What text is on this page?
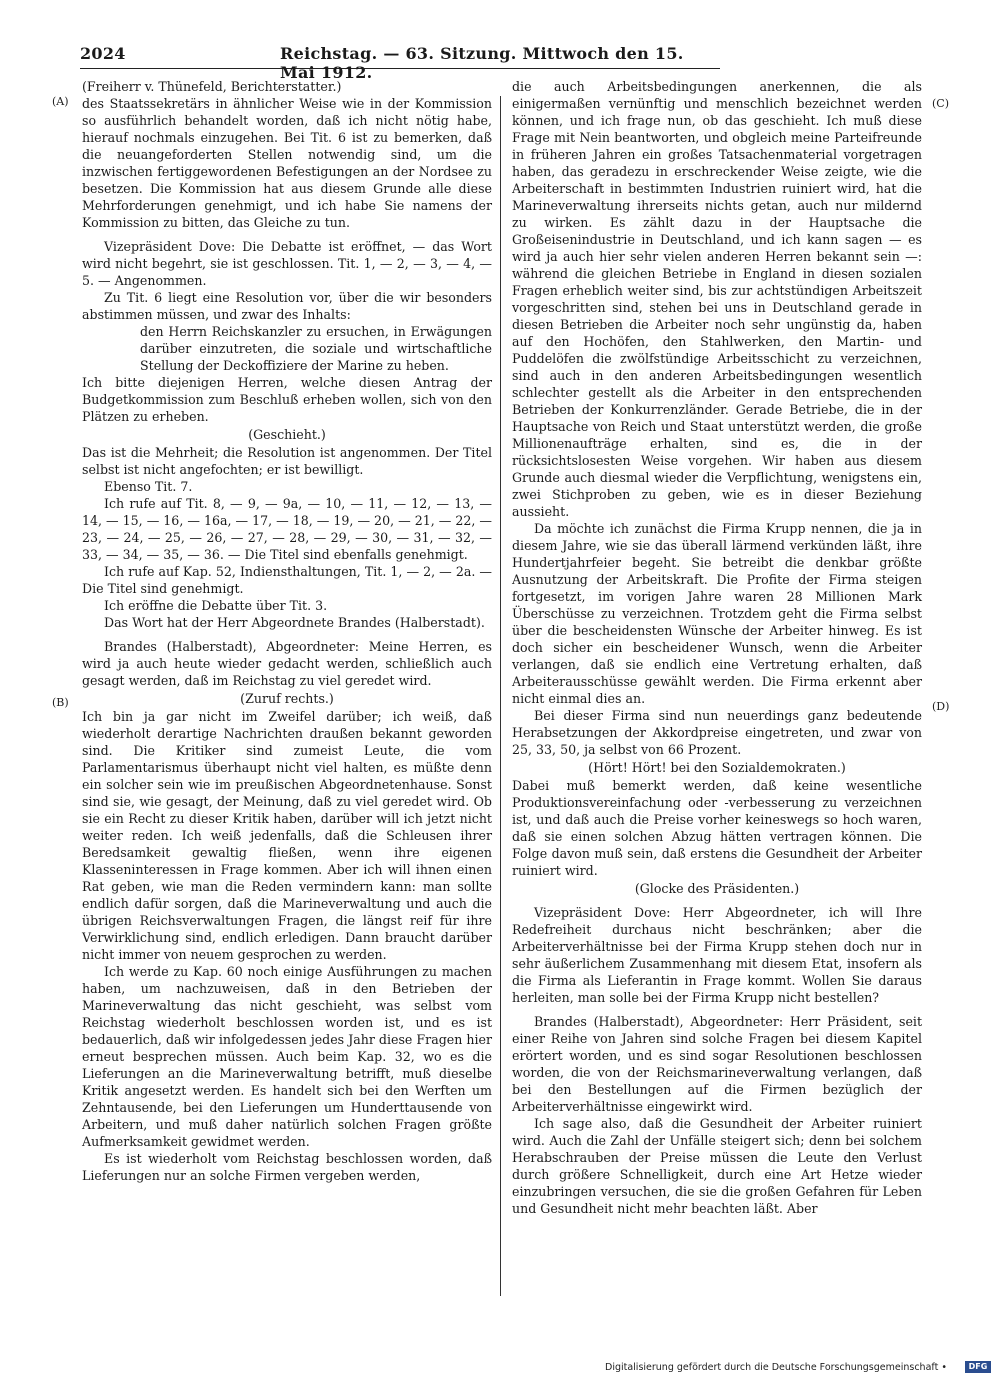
2024	Reichstag. — 63. Sitzung. Mittwoch den 15. Mai 1912.
(A)
(B)
(C)
(D)

(Freiherr v. Thünefeld, Berichterstatter.)

des Staatssekretärs in ähnlicher Weise wie in der Kommission so ausführlich behandelt worden, daß ich nicht nötig habe, hierauf nochmals einzugehen. Bei Tit. 6 ist zu bemerken, daß die neuangeforderten Stellen notwendig sind, um die inzwischen fertiggewordenen Befestigungen an der Nordsee zu besetzen. Die Kommission hat aus diesem Grunde alle diese Mehrforderungen genehmigt, und ich habe Sie namens der Kommission zu bitten, das Gleiche zu tun.

Vizepräsident Dove: Die Debatte ist eröffnet, — das Wort wird nicht begehrt, sie ist geschlossen. Tit. 1, — 2, — 3, — 4, — 5. — Angenommen.

Zu Tit. 6 liegt eine Resolution vor, über die wir besonders abstimmen müssen, und zwar des Inhalts:

den Herrn Reichskanzler zu ersuchen, in Erwägungen darüber einzutreten, die soziale und wirtschaftliche Stellung der Deckoffiziere der Marine zu heben.

Ich bitte diejenigen Herren, welche diesen Antrag der Budgetkommission zum Beschluß erheben wollen, sich von den Plätzen zu erheben.

(Geschieht.)

Das ist die Mehrheit; die Resolution ist angenommen. Der Titel selbst ist nicht angefochten; er ist bewilligt.

Ebenso Tit. 7.

Ich rufe auf Tit. 8, — 9, — 9a, — 10, — 11, — 12, — 13, — 14, — 15, — 16, — 16a, — 17, — 18, — 19, — 20, — 21, — 22, — 23, — 24, — 25, — 26, — 27, — 28, — 29, — 30, — 31, — 32, — 33, — 34, — 35, — 36. — Die Titel sind ebenfalls genehmigt.

Ich rufe auf Kap. 52, Indiensthaltungen, Tit. 1, — 2, — 2a. — Die Titel sind genehmigt.

Ich eröffne die Debatte über Tit. 3.

Das Wort hat der Herr Abgeordnete Brandes (Halberstadt).

Brandes (Halberstadt), Abgeordneter: Meine Herren, es wird ja auch heute wieder gedacht werden, schließlich auch gesagt werden, daß im Reichstag zu viel geredet wird.

(Zuruf rechts.)

Ich bin ja gar nicht im Zweifel darüber; ich weiß, daß wiederholt derartige Nachrichten draußen bekannt geworden sind. Die Kritiker sind zumeist Leute, die vom Parlamentarismus überhaupt nicht viel halten, es müßte denn ein solcher sein wie im preußischen Abgeordnetenhause. Sonst sind sie, wie gesagt, der Meinung, daß zu viel geredet wird. Ob sie ein Recht zu dieser Kritik haben, darüber will ich jetzt nicht weiter reden. Ich weiß jedenfalls, daß die Schleusen ihrer Beredsamkeit gewaltig fließen, wenn ihre eigenen Klasseninteressen in Frage kommen. Aber ich will ihnen einen Rat geben, wie man die Reden vermindern kann: man sollte endlich dafür sorgen, daß die Marineverwaltung und auch die übrigen Reichsverwaltungen Fragen, die längst reif für ihre Verwirklichung sind, endlich erledigen. Dann braucht darüber nicht immer von neuem gesprochen zu werden.

Ich werde zu Kap. 60 noch einige Ausführungen zu machen haben, um nachzuweisen, daß in den Betrieben der Marineverwaltung das nicht geschieht, was selbst vom Reichstag wiederholt beschlossen worden ist, und es ist bedauerlich, daß wir infolgedessen jedes Jahr diese Fragen hier erneut besprechen müssen. Auch beim Kap. 32, wo es die Lieferungen an die Marineverwaltung betrifft, muß dieselbe Kritik angesetzt werden. Es handelt sich bei den Werften um Zehntausende, bei den Lieferungen um Hunderttausende von Arbeitern, und muß daher natürlich solchen Fragen größte Aufmerksamkeit gewidmet werden.

Es ist wiederholt vom Reichstag beschlossen worden, daß Lieferungen nur an solche Firmen vergeben werden,

die auch Arbeitsbedingungen anerkennen, die als einigermaßen vernünftig und menschlich bezeichnet werden können, und ich frage nun, ob das geschieht. Ich muß diese Frage mit Nein beantworten, und obgleich meine Parteifreunde in früheren Jahren ein großes Tatsachenmaterial vorgetragen haben, das geradezu in erschreckender Weise zeigte, wie die Arbeiterschaft in bestimmten Industrien ruiniert wird, hat die Marineverwaltung ihrerseits nichts getan, auch nur mildernd zu wirken. Es zählt dazu in der Hauptsache die Großeisenindustrie in Deutschland, und ich kann sagen — es wird ja auch hier sehr vielen anderen Herren bekannt sein —: während die gleichen Betriebe in England in diesen sozialen Fragen erheblich weiter sind, bis zur achtstündigen Arbeitszeit vorgeschritten sind, stehen bei uns in Deutschland gerade in diesen Betrieben die Arbeiter noch sehr ungünstig da, haben auf den Hochöfen, den Stahlwerken, den Martin- und Puddelöfen die zwölfstündige Arbeitsschicht zu verzeichnen, sind auch in den anderen Arbeitsbedingungen wesentlich schlechter gestellt als die Arbeiter in den entsprechenden Betrieben der Konkurrenzländer. Gerade Betriebe, die in der Hauptsache von Reich und Staat unterstützt werden, die große Millionenaufträge erhalten, sind es, die in der rücksichtslosesten Weise vorgehen. Wir haben aus diesem Grunde auch diesmal wieder die Verpflichtung, wenigstens ein, zwei Stichproben zu geben, wie es in dieser Beziehung aussieht.

Da möchte ich zunächst die Firma Krupp nennen, die ja in diesem Jahre, wie sie das überall lärmend verkünden läßt, ihre Hundertjahrfeier begeht. Sie betreibt die denkbar größte Ausnutzung der Arbeitskraft. Die Profite der Firma steigen fortgesetzt, im vorigen Jahre waren 28 Millionen Mark Überschüsse zu verzeichnen. Trotzdem geht die Firma selbst über die bescheidensten Wünsche der Arbeiter hinweg. Es ist doch sicher ein bescheidener Wunsch, wenn die Arbeiter verlangen, daß sie endlich eine Vertretung erhalten, daß Arbeiterausschüsse gewählt werden. Die Firma erkennt aber nicht einmal dies an.

Bei dieser Firma sind nun neuerdings ganz bedeutende Herabsetzungen der Akkordpreise eingetreten, und zwar von 25, 33, 50, ja selbst von 66 Prozent.

(Hört! Hört! bei den Sozialdemokraten.)

Dabei muß bemerkt werden, daß keine wesentliche Produktionsvereinfachung oder -verbesserung zu verzeichnen ist, und daß auch die Preise vorher keineswegs so hoch waren, daß sie einen solchen Abzug hätten vertragen können. Die Folge davon muß sein, daß erstens die Gesundheit der Arbeiter ruiniert wird.

(Glocke des Präsidenten.)

Vizepräsident Dove: Herr Abgeordneter, ich will Ihre Redefreiheit durchaus nicht beschränken; aber die Arbeiterverhältnisse bei der Firma Krupp stehen doch nur in sehr äußerlichem Zusammenhang mit diesem Etat, insofern als die Firma als Lieferantin in Frage kommt. Wollen Sie daraus herleiten, man solle bei der Firma Krupp nicht bestellen?

Brandes (Halberstadt), Abgeordneter: Herr Präsident, seit einer Reihe von Jahren sind solche Fragen bei diesem Kapitel erörtert worden, und es sind sogar Resolutionen beschlossen worden, die von der Reichsmarineverwaltung verlangen, daß bei den Bestellungen auf die Firmen bezüglich der Arbeiterverhältnisse eingewirkt wird.

Ich sage also, daß die Gesundheit der Arbeiter ruiniert wird. Auch die Zahl der Unfälle steigert sich; denn bei solchem Herabschrauben der Preise müssen die Leute den Verlust durch größere Schnelligkeit, durch eine Art Hetze wieder einzubringen versuchen, die sie die großen Gefahren für Leben und Gesundheit nicht mehr beachten läßt. Aber

Digitalisierung gefördert durch die Deutsche Forschungsgemeinschaft •	DFG
